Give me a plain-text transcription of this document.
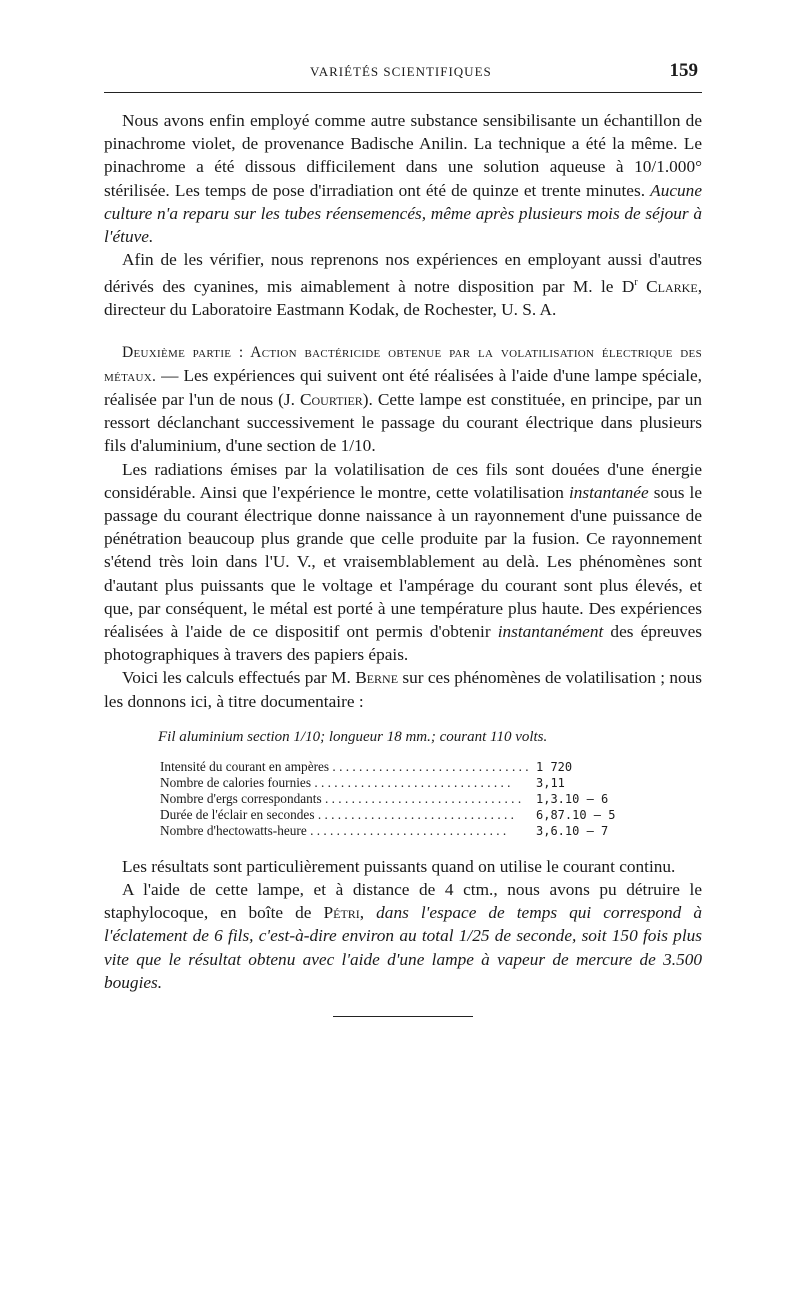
VARIÉTÉS SCIENTIFIQUES	159

Nous avons enfin employé comme autre substance sensibilisante un échantillon de pinachrome violet, de provenance Badische Anilin. La technique a été la même. Le pinachrome a été dissous difficilement dans une solution aqueuse à 10/1.000° stérilisée. Les temps de pose d'irradiation ont été de quinze et trente minutes. Aucune culture n'a reparu sur les tubes réensemencés, même après plusieurs mois de séjour à l'étuve.

Afin de les vérifier, nous reprenons nos expériences en employant aussi d'autres dérivés des cyanines, mis aimablement à notre disposition par M. le $D^r$ Clarke, directeur du Laboratoire Eastmann Kodak, de Rochester, U. S. A.

Deuxième partie : Action bactéricide obtenue par la volatilisation électrique des métaux. — Les expériences qui suivent ont été réalisées à l'aide d'une lampe spéciale, réalisée par l'un de nous (J. Courtier). Cette lampe est constituée, en principe, par un ressort déclanchant successivement le passage du courant électrique dans plusieurs fils d'aluminium, d'une section de 1/10.

Les radiations émises par la volatilisation de ces fils sont douées d'une énergie considérable. Ainsi que l'expérience le montre, cette volatilisation instantanée sous le passage du courant électrique donne naissance à un rayonnement d'une puissance de pénétration beaucoup plus grande que celle produite par la fusion. Ce rayonnement s'étend très loin dans l'U. V., et vraisemblablement au delà. Les phénomènes sont d'autant plus puissants que le voltage et l'ampérage du courant sont plus élevés, et que, par conséquent, le métal est porté à une température plus haute. Des expériences réalisées à l'aide de ce dispositif ont permis d'obtenir instantanément des épreuves photographiques à travers des papiers épais.

Voici les calculs effectués par M. Berne sur ces phénomènes de volatilisation ; nous les donnons ici, à titre documentaire :

Fil aluminium section 1/10; longueur 18 mm.; courant 110 volts.
Intensité du courant en ampères . . .	1 720
Nombre de calories fournies . . .	3,11
Nombre d'ergs correspondants . . .	1,3.10 – 6
Durée de l'éclair en secondes . . .	6,87.10 – 5
Nombre d'hectowatts-heure . . .	3,6.10 – 7

Les résultats sont particulièrement puissants quand on utilise le courant continu.

A l'aide de cette lampe, et à distance de 4 ctm., nous avons pu détruire le staphylocoque, en boîte de Pétri, dans l'espace de temps qui correspond à l'éclatement de 6 fils, c'est-à-dire environ au total 1/25 de seconde, soit 150 fois plus vite que le résultat obtenu avec l'aide d'une lampe à vapeur de mercure de 3.500 bougies.
